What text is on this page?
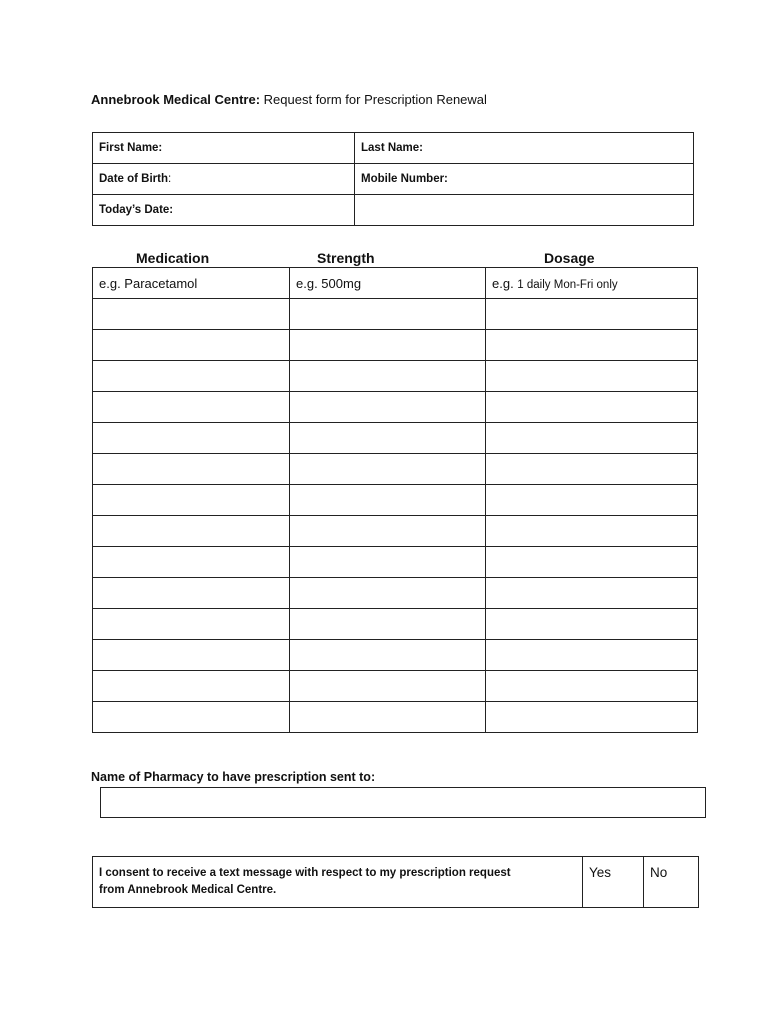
Annebrook Medical Centre: Request form for Prescription Renewal
First Name:	Last Name:
Date of Birth:	Mobile Number:
Today’s Date:	
Medication	Strength	Dosage
e.g. Paracetamol	e.g. 500mg	e.g. 1 daily Mon-Fri only

Name of Pharmacy to have prescription sent to:
I consent to receive a text message with respect to my prescription request
from Annebrook Medical Centre.	Yes	No
